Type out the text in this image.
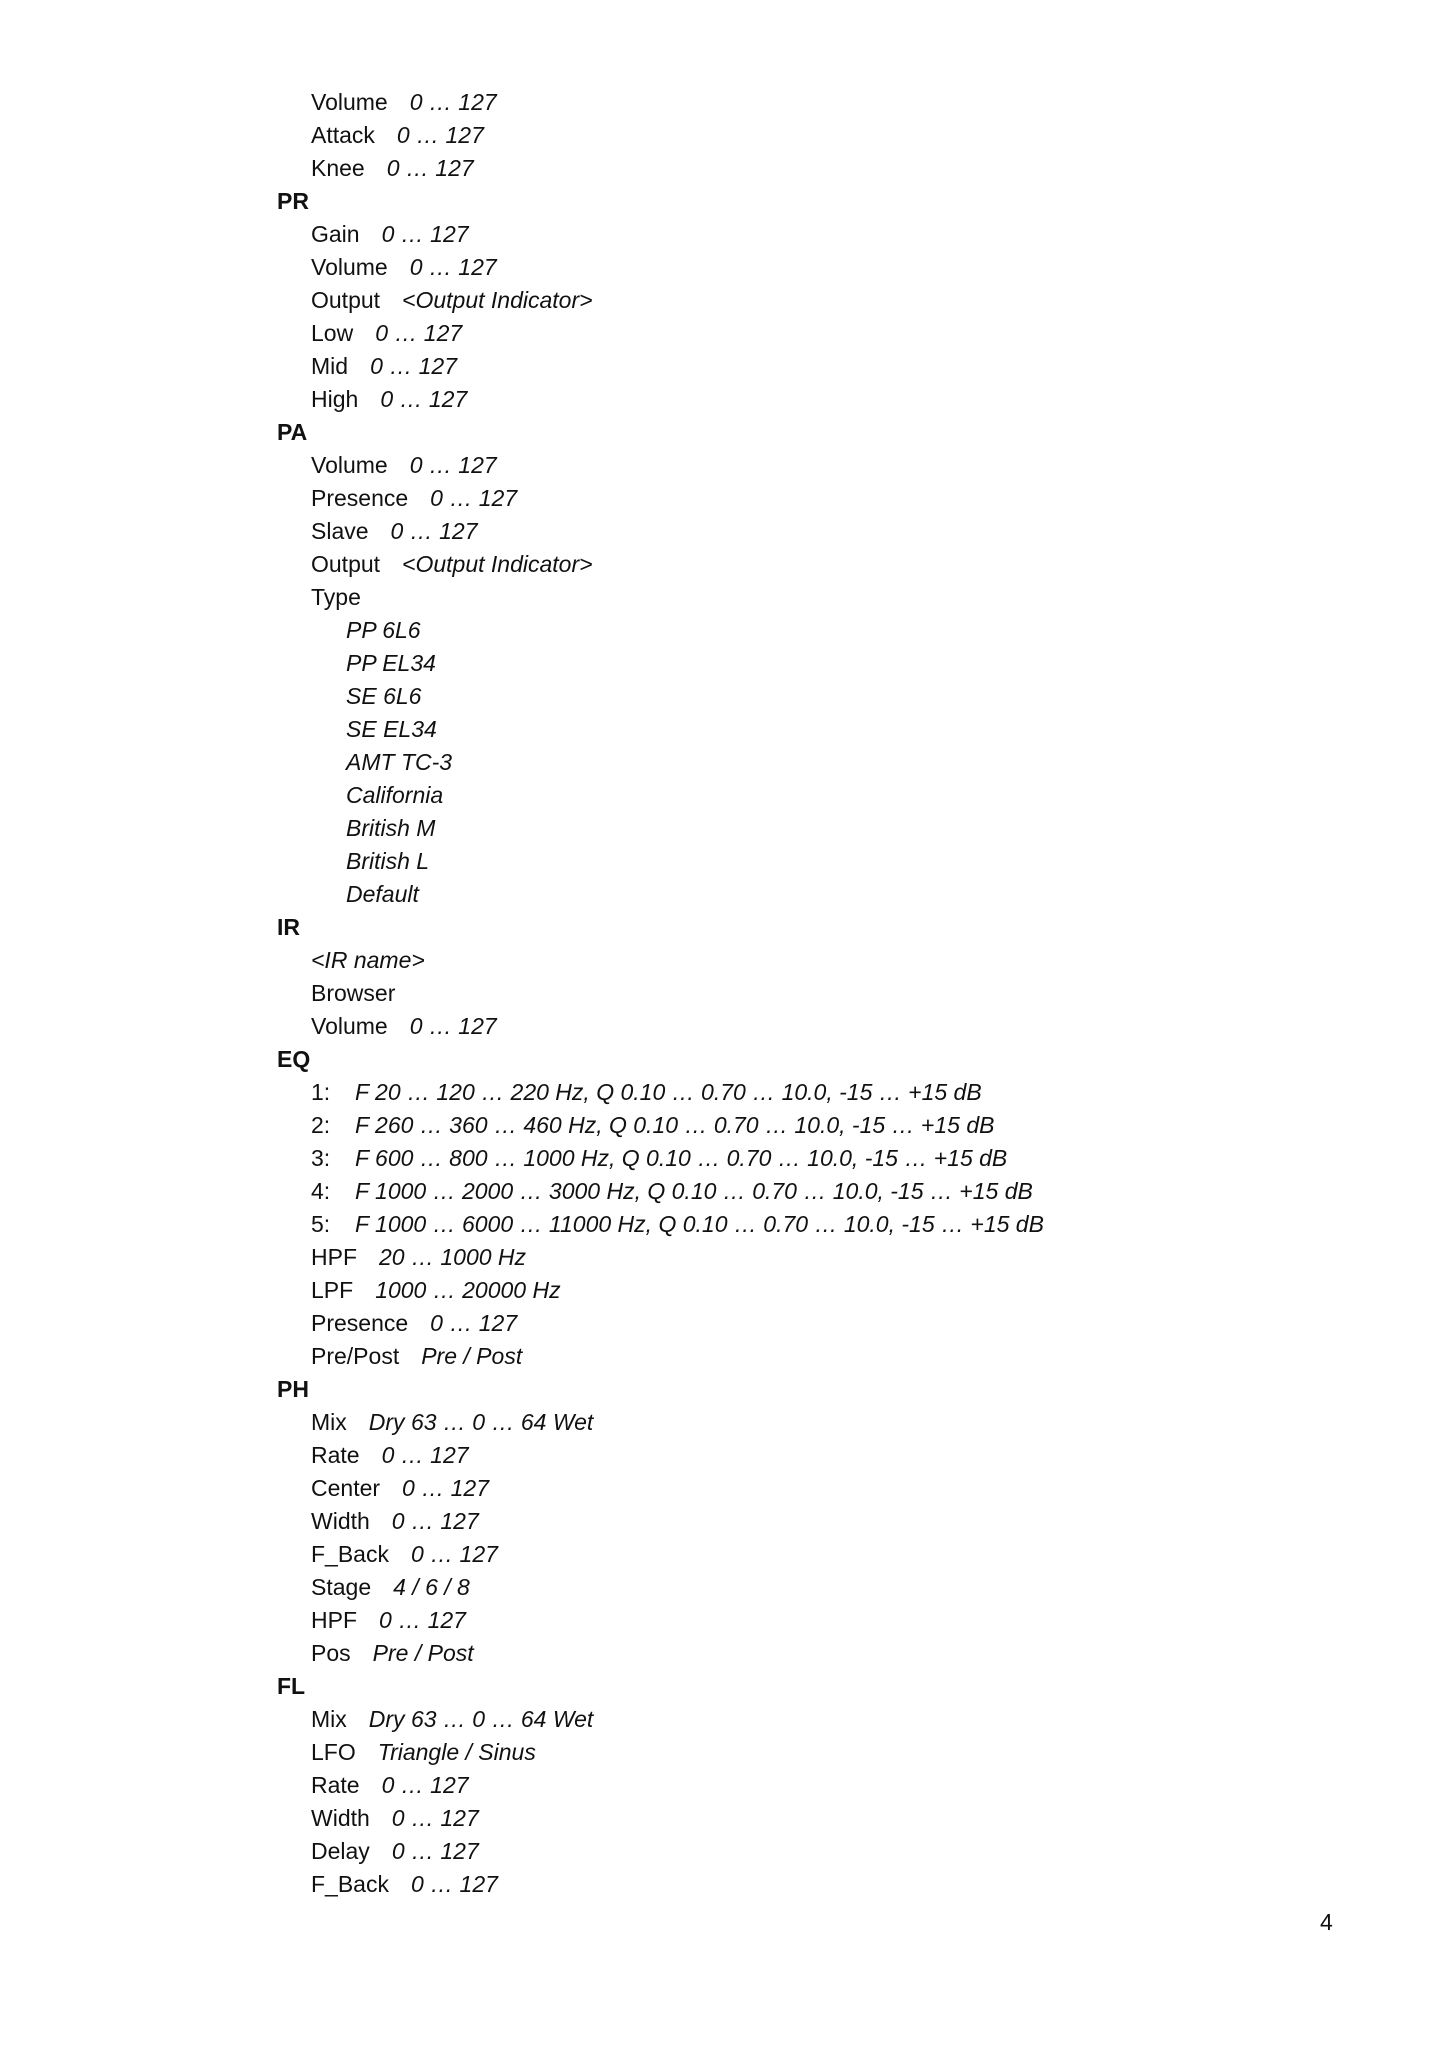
Volume 0 … 127
Attack 0 … 127
Knee 0 … 127
PR
Gain 0 … 127
Volume 0 … 127
Output <Output Indicator>
Low 0 … 127
Mid 0 … 127
High 0 … 127
PA
Volume 0 … 127
Presence 0 … 127
Slave 0 … 127
Output <Output Indicator>
Type
PP 6L6
PP EL34
SE 6L6
SE EL34
AMT TC-3
California
British M
British L
Default
IR
<IR name>
Browser
Volume 0 … 127
EQ
1: F 20 … 120 … 220 Hz, Q 0.10 … 0.70 … 10.0, -15 … +15 dB
2: F 260 … 360 … 460 Hz, Q 0.10 … 0.70 … 10.0, -15 … +15 dB
3: F 600 … 800 … 1000 Hz, Q 0.10 … 0.70 … 10.0, -15 … +15 dB
4: F 1000 … 2000 … 3000 Hz, Q 0.10 … 0.70 … 10.0, -15 … +15 dB
5: F 1000 … 6000 … 11000 Hz, Q 0.10 … 0.70 … 10.0, -15 … +15 dB
HPF 20 … 1000 Hz
LPF 1000 … 20000 Hz
Presence 0 … 127
Pre/Post Pre / Post
PH
Mix Dry 63 … 0 … 64 Wet
Rate 0 … 127
Center 0 … 127
Width 0 … 127
F_Back 0 … 127
Stage 4 / 6 / 8
HPF 0 … 127
Pos Pre / Post
FL
Mix Dry 63 … 0 … 64 Wet
LFO Triangle / Sinus
Rate 0 … 127
Width 0 … 127
Delay 0 … 127
F_Back 0 … 127
4
